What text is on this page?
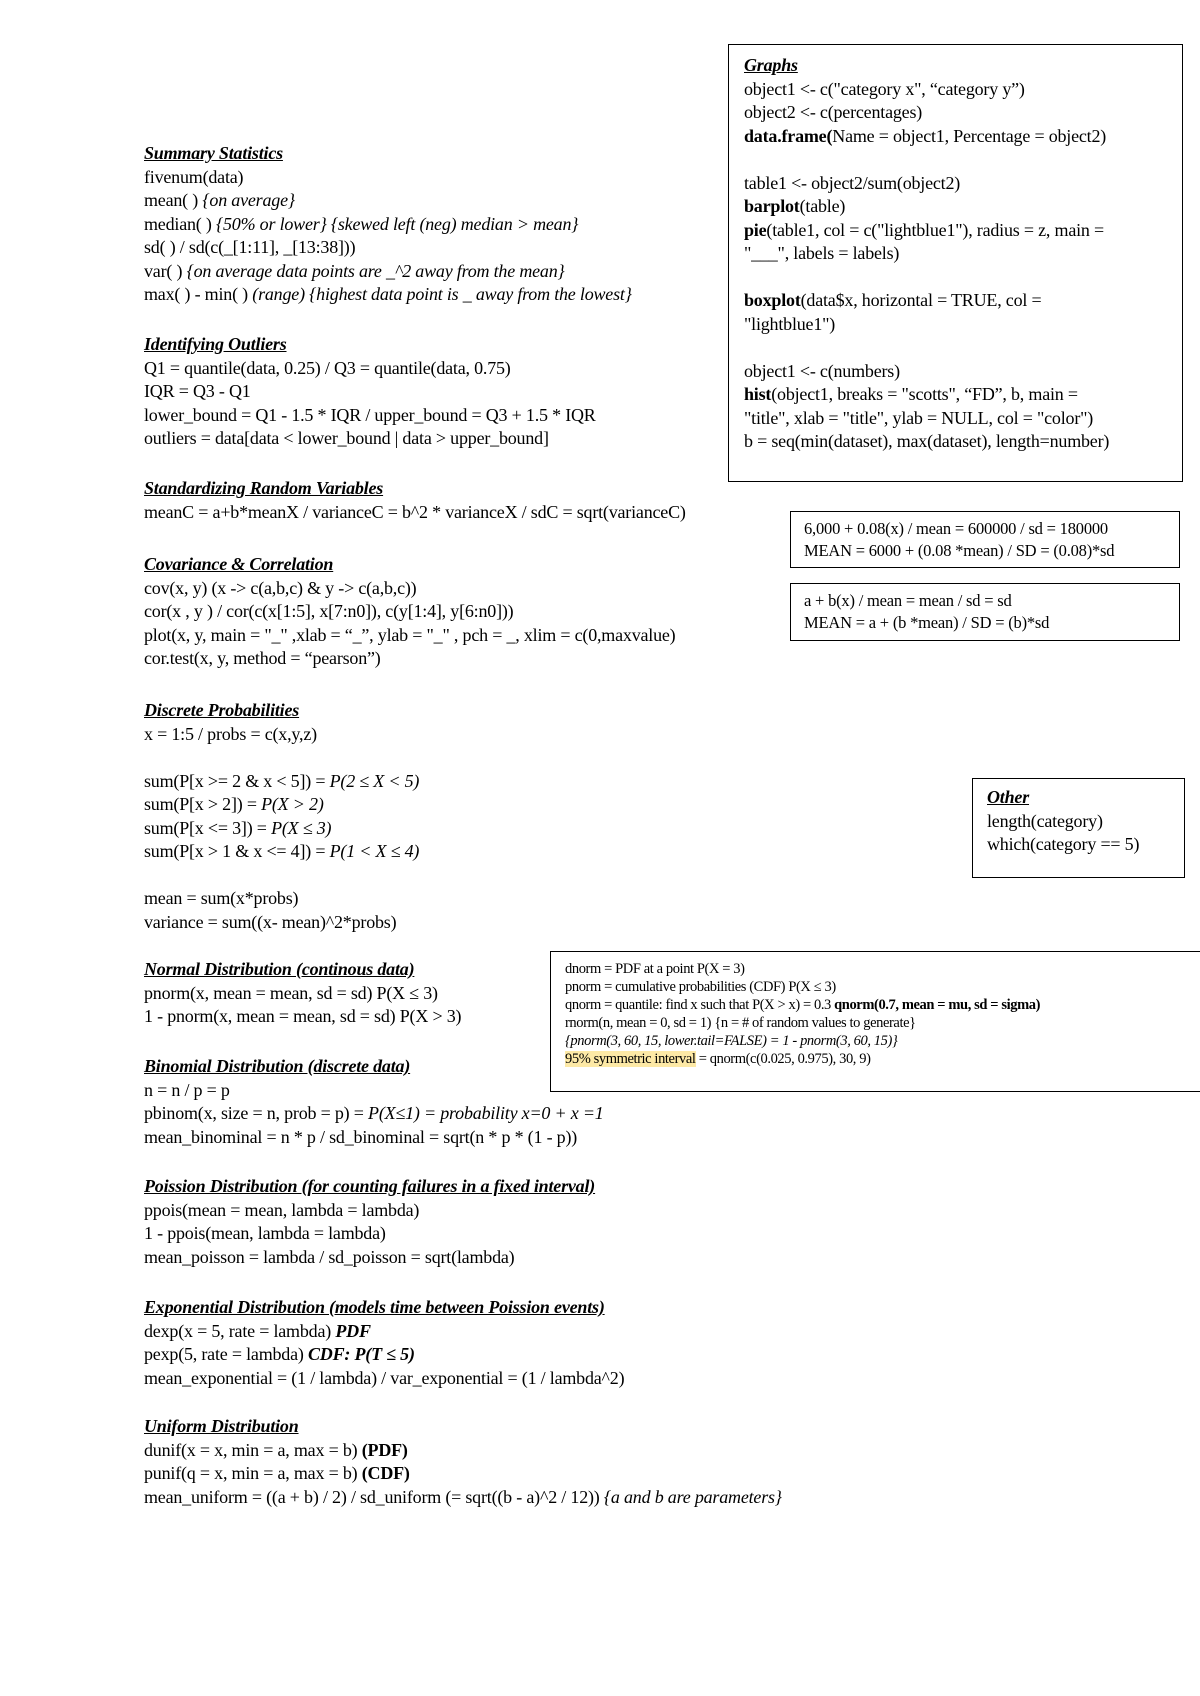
Summary Statistics
fivenum(data)
mean( ) {on average}
median( ) {50% or lower} {skewed left (neg) median > mean}
sd( ) / sd(c(_[1:11], _[13:38]))
var( ) {on average data points are _^2 away from the mean}
max( ) - min( ) (range) {highest data point is _ away from the lowest}
Identifying Outliers
Q1 = quantile(data, 0.25) / Q3 = quantile(data, 0.75)
IQR = Q3 - Q1
lower_bound = Q1 - 1.5 * IQR / upper_bound = Q3 + 1.5 * IQR
outliers = data[data < lower_bound | data > upper_bound]
Standardizing Random Variables
meanC = a+b*meanX / varianceC = b^2 * varianceX / sdC = sqrt(varianceC)
Covariance & Correlation
cov(x, y) (x -> c(a,b,c) & y -> c(a,b,c))
cor(x , y ) / cor(c(x[1:5], x[7:n0]), c(y[1:4], y[6:n0]))
plot(x, y, main = "_" ,xlab = “_”, ylab = "_" , pch = _, xlim = c(0,maxvalue)
cor.test(x, y, method = “pearson”)
Discrete Probabilities
x = 1:5 / probs = c(x,y,z)
sum(P[x >= 2 & x < 5]) = P(2 ≤ X < 5)
sum(P[x > 2]) = P(X > 2)
sum(P[x <= 3]) = P(X ≤ 3)
sum(P[x > 1 & x <= 4]) = P(1 < X ≤ 4)
mean = sum(x*probs)
variance = sum((x- mean)^2*probs)
Normal Distribution (continous data)
pnorm(x, mean = mean, sd = sd) P(X ≤ 3)
1 - pnorm(x, mean = mean, sd = sd) P(X > 3)
Binomial Distribution (discrete data)
n = n / p = p
pbinom(x, size = n, prob = p) = P(X≤1) = probability x=0 + x =1
mean_binominal = n * p / sd_binominal = sqrt(n * p * (1 - p))
Poission Distribution (for counting failures in a fixed interval)
ppois(mean = mean, lambda = lambda)
1 - ppois(mean, lambda = lambda)
mean_poisson = lambda / sd_poisson = sqrt(lambda)
Exponential Distribution (models time between Poission events)
dexp(x = 5, rate = lambda) PDF
pexp(5, rate = lambda) CDF: P(T ≤ 5)
mean_exponential = (1 / lambda) / var_exponential = (1 / lambda^2)
Uniform Distribution
dunif(x = x, min = a, max = b) (PDF)
punif(q = x, min = a, max = b) (CDF)
mean_uniform = ((a + b) / 2) / sd_uniform (= sqrt((b - a)^2 / 12)) {a and b are parameters}
Graphs
object1 <- c("category x", “category y”)
object2 <- c(percentages)
data.frame(Name = object1, Percentage = object2)
table1 <- object2/sum(object2)
barplot(table)
pie(table1, col = c("lightblue1"), radius = z, main =
"___", labels = labels)
boxplot(data$x, horizontal = TRUE, col =
"lightblue1")
object1 <- c(numbers)
hist(object1, breaks = "scotts", “FD”, b, main =
"title", xlab = "title", ylab = NULL, col = "color")
b = seq(min(dataset), max(dataset), length=number)
6,000 + 0.08(x) / mean = 600000 / sd = 180000
MEAN = 6000 + (0.08 *mean) / SD = (0.08)*sd
a + b(x) / mean = mean / sd = sd
MEAN = a + (b *mean) / SD = (b)*sd
Other
length(category)
which(category == 5)
dnorm = PDF at a point P(X = 3)
pnorm = cumulative probabilities (CDF) P(X ≤ 3)
qnorm = quantile: find x such that P(X > x) = 0.3 qnorm(0.7, mean = mu, sd = sigma)
rnorm(n, mean = 0, sd = 1) {n = # of random values to generate}
{pnorm(3, 60, 15, lower.tail=FALSE) = 1 - pnorm(3, 60, 15)}
95% symmetric interval = qnorm(c(0.025, 0.975), 30, 9)
